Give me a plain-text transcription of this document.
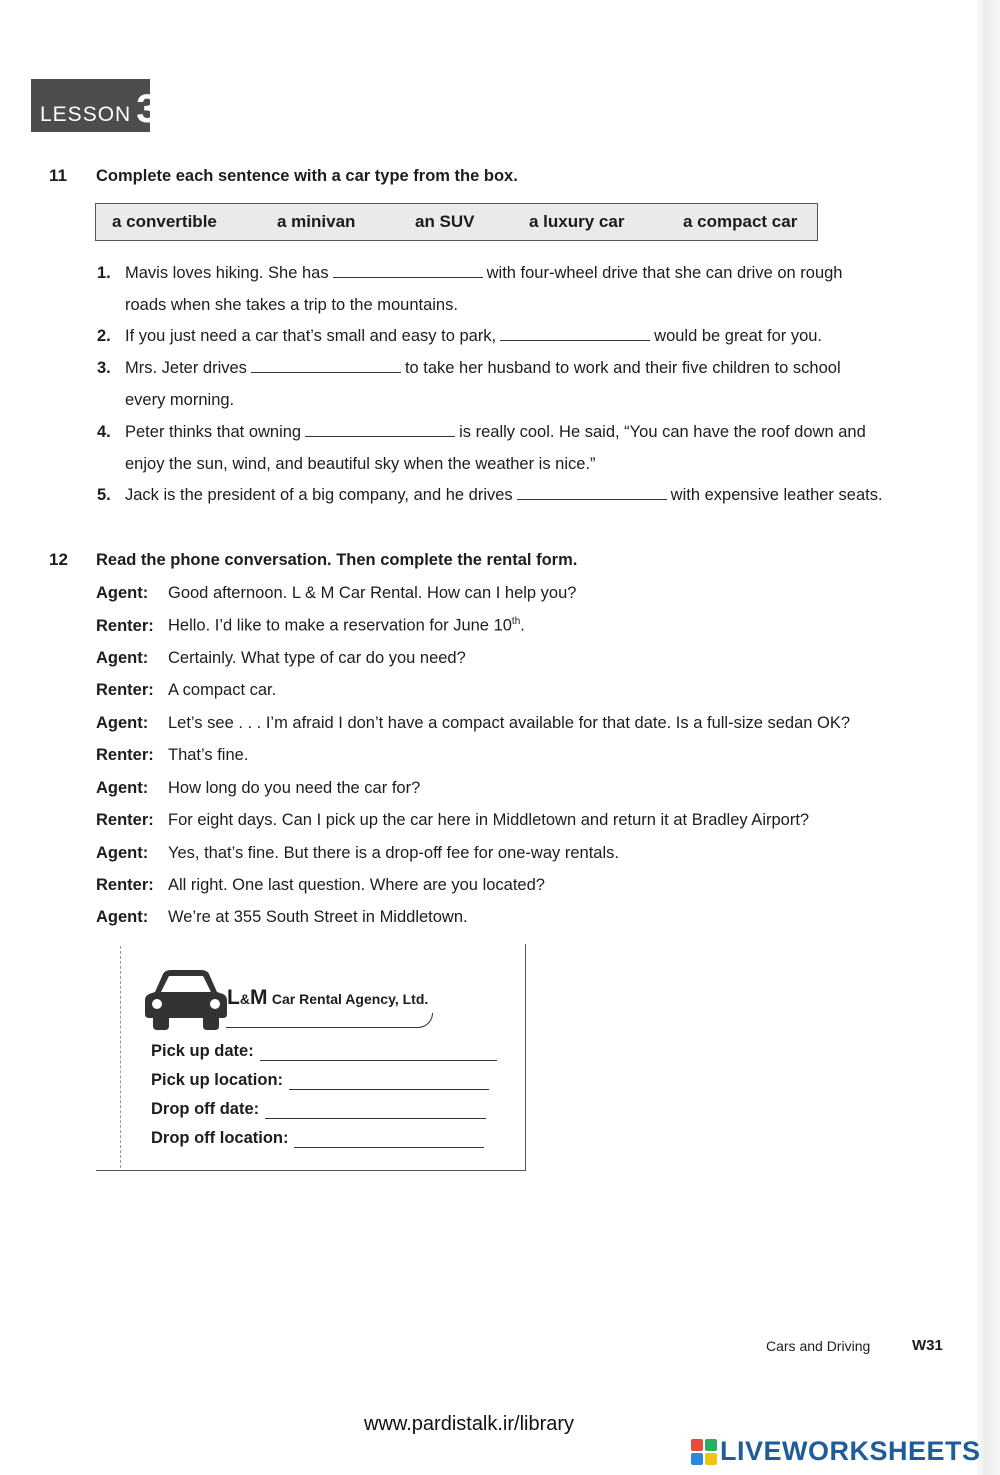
LESSON 3
11 Complete each sentence with a car type from the box.
a convertible	a minivan	an SUV	a luxury car	a compact car
1. Mavis loves hiking. She has	with four-wheel drive that she can drive on rough
roads when she takes a trip to the mountains.
2. If you just need a car that’s small and easy to park,	would be great for you.
3. Mrs. Jeter drives	to take her husband to work and their five children to school
every morning.
4. Peter thinks that owning	is really cool. He said, “You can have the roof down and
enjoy the sun, wind, and beautiful sky when the weather is nice.”
5. Jack is the president of a big company, and he drives	with expensive leather seats.
12 Read the phone conversation. Then complete the rental form.
Agent: Good afternoon. L & M Car Rental. How can I help you?
Renter: Hello. I’d like to make a reservation for June 10th.
Agent: Certainly. What type of car do you need?
Renter: A compact car.
Agent: Let’s see . . . I’m afraid I don’t have a compact available for that date. Is a full-size sedan OK?
Renter: That’s fine.
Agent: How long do you need the car for?
Renter: For eight days. Can I pick up the car here in Middletown and return it at Bradley Airport?
Agent: Yes, that’s fine. But there is a drop-off fee for one-way rentals.
Renter: All right. One last question. Where are you located?
Agent: We’re at 355 South Street in Middletown.
L&M Car Rental Agency, Ltd.
Pick up date:
Pick up location:
Drop off date:
Drop off location:
Cars and Driving	W31
www.pardistalk.ir/library
LIVEWORKSHEETS
